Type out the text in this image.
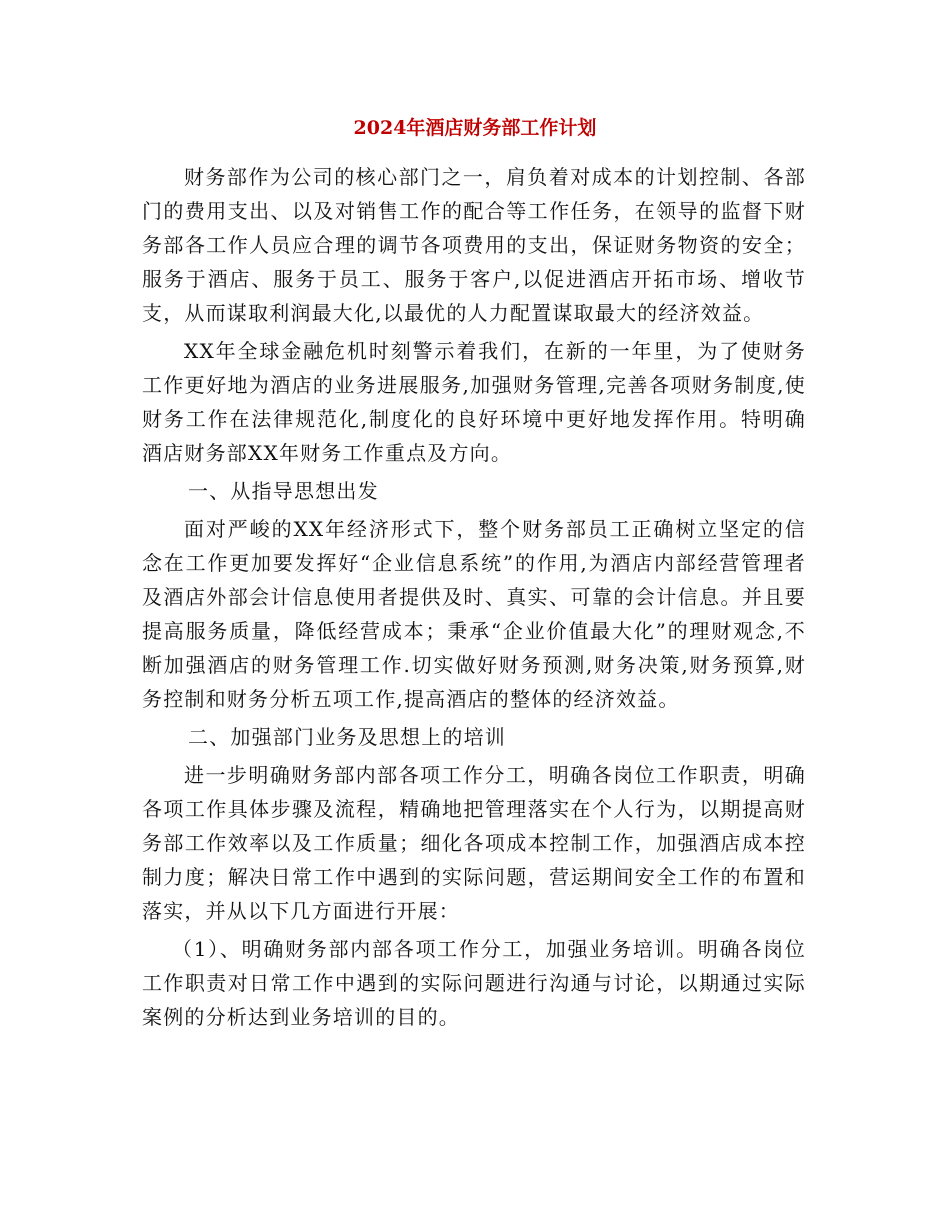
2024年酒店财务部工作计划

财务部作为公司的核心部门之一，肩负着对成本的计划控制、各部门的费用支出、以及对销售工作的配合等工作任务，在领导的监督下财务部各工作人员应合理的调节各项费用的支出，保证财务物资的安全；服务于酒店、服务于员工、服务于客户,以促进酒店开拓市场、增收节支，从而谋取利润最大化,以最优的人力配置谋取最大的经济效益。

XX年全球金融危机时刻警示着我们，在新的一年里，为了使财务工作更好地为酒店的业务进展服务,加强财务管理,完善各项财务制度,使财务工作在法律规范化,制度化的良好环境中更好地发挥作用。特明确酒店财务部XX年财务工作重点及方向。

一、从指导思想出发

面对严峻的XX年经济形式下，整个财务部员工正确树立坚定的信念在工作更加要发挥好“企业信息系统”的作用,为酒店内部经营管理者及酒店外部会计信息使用者提供及时、真实、可靠的会计信息。并且要提高服务质量，降低经营成本；秉承“企业价值最大化”的理财观念,不断加强酒店的财务管理工作.切实做好财务预测,财务决策,财务预算,财务控制和财务分析五项工作,提高酒店的整体的经济效益。

二、加强部门业务及思想上的培训

进一步明确财务部内部各项工作分工，明确各岗位工作职责，明确各项工作具体步骤及流程，精确地把管理落实在个人行为，以期提高财务部工作效率以及工作质量；细化各项成本控制工作，加强酒店成本控制力度；解决日常工作中遇到的实际问题，营运期间安全工作的布置和落实，并从以下几方面进行开展：

（1）、明确财务部内部各项工作分工，加强业务培训。明确各岗位工作职责对日常工作中遇到的实际问题进行沟通与讨论，以期通过实际案例的分析达到业务培训的目的。
